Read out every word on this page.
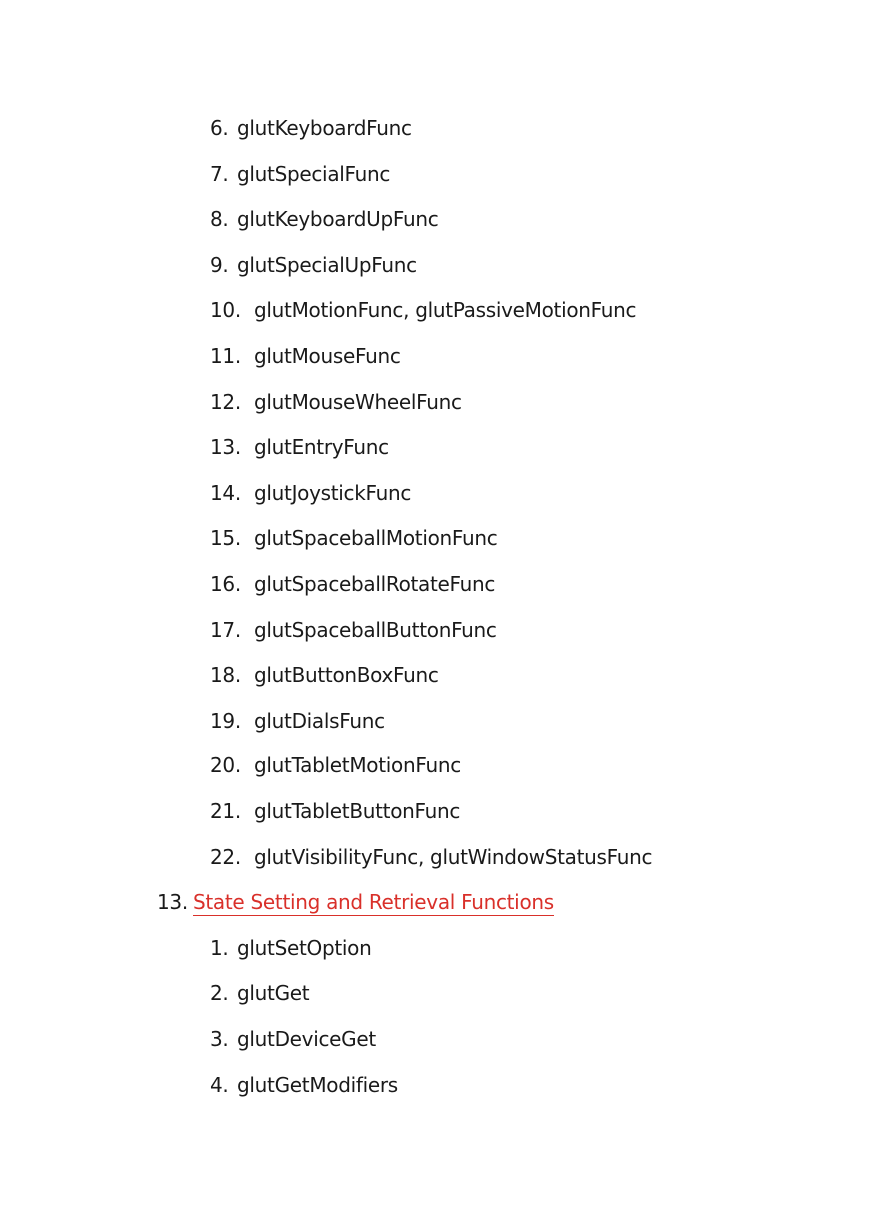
6. glutKeyboardFunc
7. glutSpecialFunc
8. glutKeyboardUpFunc
9. glutSpecialUpFunc
10. glutMotionFunc, glutPassiveMotionFunc
11. glutMouseFunc
12. glutMouseWheelFunc
13. glutEntryFunc
14. glutJoystickFunc
15. glutSpaceballMotionFunc
16. glutSpaceballRotateFunc
17. glutSpaceballButtonFunc
18. glutButtonBoxFunc
19. glutDialsFunc
20. glutTabletMotionFunc
21. glutTabletButtonFunc
22. glutVisibilityFunc, glutWindowStatusFunc
13. State Setting and Retrieval Functions
1. glutSetOption
2. glutGet
3. glutDeviceGet
4. glutGetModifiers
